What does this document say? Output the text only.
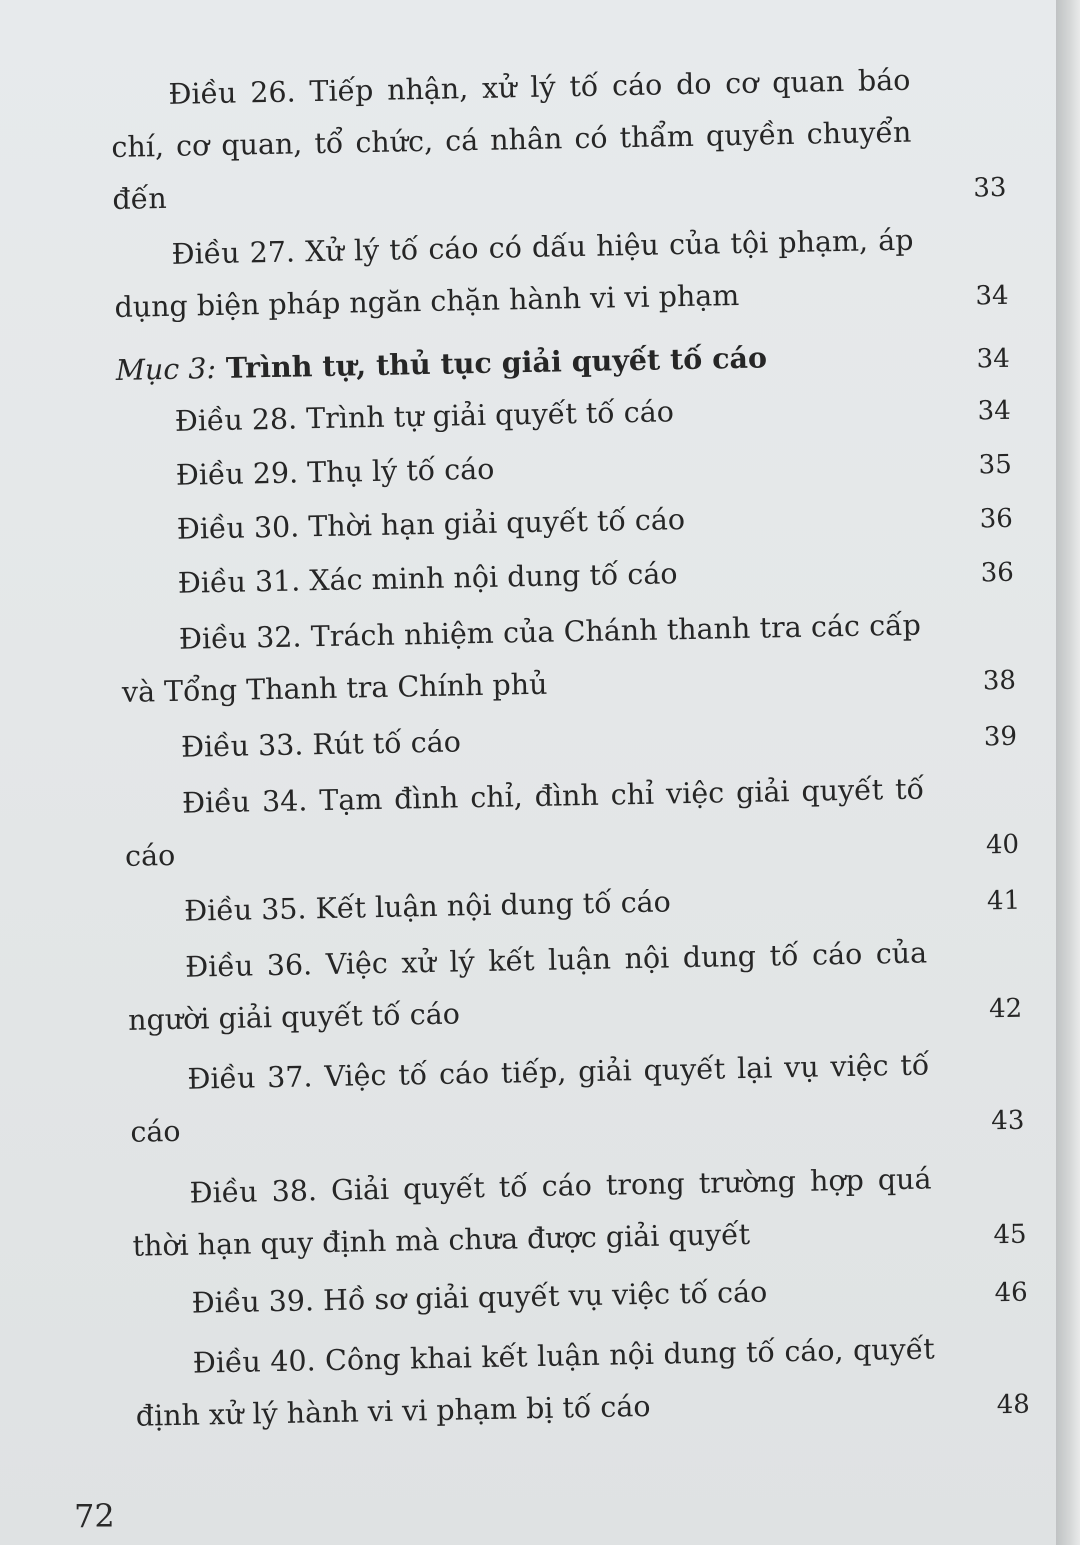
Điều 26. Tiếp nhận, xử lý tố cáo do cơ quan báo chí, cơ quan, tổ chức, cá nhân có thẩm quyền chuyển đến	33
Điều 27. Xử lý tố cáo có dấu hiệu của tội phạm, áp dụng biện pháp ngăn chặn hành vi vi phạm	34
Mục 3: Trình tự, thủ tục giải quyết tố cáo	34
Điều 28. Trình tự giải quyết tố cáo	34
Điều 29. Thụ lý tố cáo	35
Điều 30. Thời hạn giải quyết tố cáo	36
Điều 31. Xác minh nội dung tố cáo	36
Điều 32. Trách nhiệm của Chánh thanh tra các cấp và Tổng Thanh tra Chính phủ	38
Điều 33. Rút tố cáo	39
Điều 34. Tạm đình chỉ, đình chỉ việc giải quyết tố cáo	40
Điều 35. Kết luận nội dung tố cáo	41
Điều 36. Việc xử lý kết luận nội dung tố cáo của người giải quyết tố cáo	42
Điều 37. Việc tố cáo tiếp, giải quyết lại vụ việc tố cáo	43
Điều 38. Giải quyết tố cáo trong trường hợp quá thời hạn quy định mà chưa được giải quyết	45
Điều 39. Hồ sơ giải quyết vụ việc tố cáo	46
Điều 40. Công khai kết luận nội dung tố cáo, quyết định xử lý hành vi vi phạm bị tố cáo	48
72
